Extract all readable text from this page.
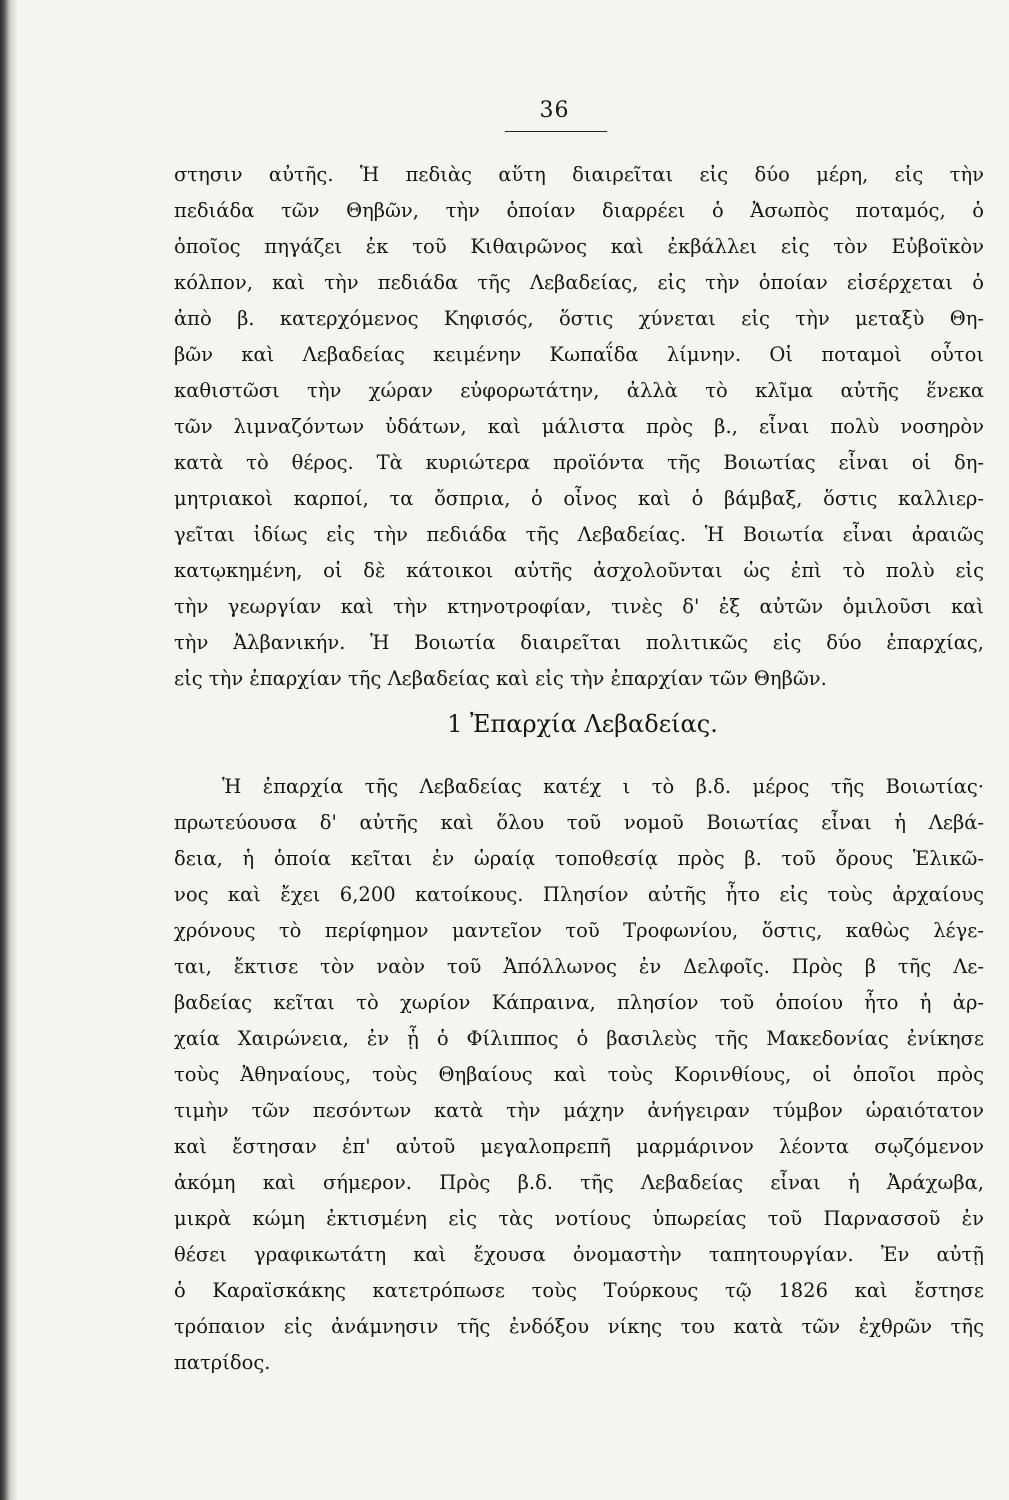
36
στησιν αὐτῆς. Ἡ πεδιὰς αὕτη διαιρεῖται εἰς δύο μέρη, εἰς τὴν
πεδιάδα τῶν Θηβῶν, τὴν ὁποίαν διαρρέει ὁ Ἀσωπὸς ποταμός, ὁ
ὁποῖος πηγάζει ἐκ τοῦ Κιθαιρῶνος καὶ ἐκβάλλει εἰς τὸν Εὐβοϊκὸν
κόλπον, καὶ τὴν πεδιάδα τῆς Λεβαδείας, εἰς τὴν ὁποίαν εἰσέρχεται ὁ
ἀπὸ β. κατερχόμενος Κηφισός, ὅστις χύνεται εἰς τὴν μεταξὺ Θη-
βῶν καὶ Λεβαδείας κειμένην Κωπαΐδα λίμνην. Οἱ ποταμοὶ οὗτοι
καθιστῶσι τὴν χώραν εὐφορωτάτην, ἀλλὰ τὸ κλῖμα αὐτῆς ἕνεκα
τῶν λιμναζόντων ὑδάτων, καὶ μάλιστα πρὸς β., εἶναι πολὺ νοσηρὸν
κατὰ τὸ θέρος. Τὰ κυριώτερα προϊόντα τῆς Βοιωτίας εἶναι οἱ δη-
μητριακοὶ καρποί, τα ὄσπρια, ὁ οἶνος καὶ ὁ βάμβαξ, ὅστις καλλιερ-
γεῖται ἰδίως εἰς τὴν πεδιάδα τῆς Λεβαδείας. Ἡ Βοιωτία εἶναι ἀραιῶς
κατῳκημένη, οἱ δὲ κάτοικοι αὐτῆς ἀσχολοῦνται ὡς ἐπὶ τὸ πολὺ εἰς
τὴν γεωργίαν καὶ τὴν κτηνοτροφίαν, τινὲς δ' ἐξ αὐτῶν ὁμιλοῦσι καὶ
τὴν Ἀλβανικήν. Ἡ Βοιωτία διαιρεῖται πολιτικῶς εἰς δύο ἐπαρχίας,
εἰς τὴν ἐπαρχίαν τῆς Λεβαδείας καὶ εἰς τὴν ἐπαρχίαν τῶν Θηβῶν.
1 Ἐπαρχία Λεβαδείας.
Ἡ ἐπαρχία τῆς Λεβαδείας κατέχ ι τὸ β.δ. μέρος τῆς Βοιωτίας·
πρωτεύουσα δ' αὐτῆς καὶ ὅλου τοῦ νομοῦ Βοιωτίας εἶναι ἡ Λεβά-
δεια, ἡ ὁποία κεῖται ἐν ὡραίᾳ τοποθεσίᾳ πρὸς β. τοῦ ὄρους Ἑλικῶ-
νος καὶ ἔχει 6,200 κατοίκους. Πλησίον αὐτῆς ἦτο εἰς τοὺς ἀρχαίους
χρόνους τὸ περίφημον μαντεῖον τοῦ Τροφωνίου, ὅστις, καθὼς λέγε-
ται, ἔκτισε τὸν ναὸν τοῦ Ἀπόλλωνος ἐν Δελφοῖς. Πρὸς β τῆς Λε-
βαδείας κεῖται τὸ χωρίον Κάπραινα, πλησίον τοῦ ὁποίου ἦτο ἡ ἀρ-
χαία Χαιρώνεια, ἐν ᾗ ὁ Φίλιππος ὁ βασιλεὺς τῆς Μακεδονίας ἐνίκησε
τοὺς Ἀθηναίους, τοὺς Θηβαίους καὶ τοὺς Κορινθίους, οἱ ὁποῖοι πρὸς
τιμὴν τῶν πεσόντων κατὰ τὴν μάχην ἀνήγειραν τύμβον ὡραιότατον
καὶ ἔστησαν ἐπ' αὐτοῦ μεγαλοπρεπῆ μαρμάρινον λέοντα σῳζόμενον
ἀκόμη καὶ σήμερον. Πρὸς β.δ. τῆς Λεβαδείας εἶναι ἡ Ἀράχωβα,
μικρὰ κώμη ἐκτισμένη εἰς τὰς νοτίους ὑπωρείας τοῦ Παρνασσοῦ ἐν
θέσει γραφικωτάτη καὶ ἔχουσα ὀνομαστὴν ταπητουργίαν. Ἐν αὐτῇ
ὁ Καραϊσκάκης κατετρόπωσε τοὺς Τούρκους τῷ 1826 καὶ ἔστησε
τρόπαιον εἰς ἀνάμνησιν τῆς ἐνδόξου νίκης του κατὰ τῶν ἐχθρῶν τῆς
πατρίδος.
